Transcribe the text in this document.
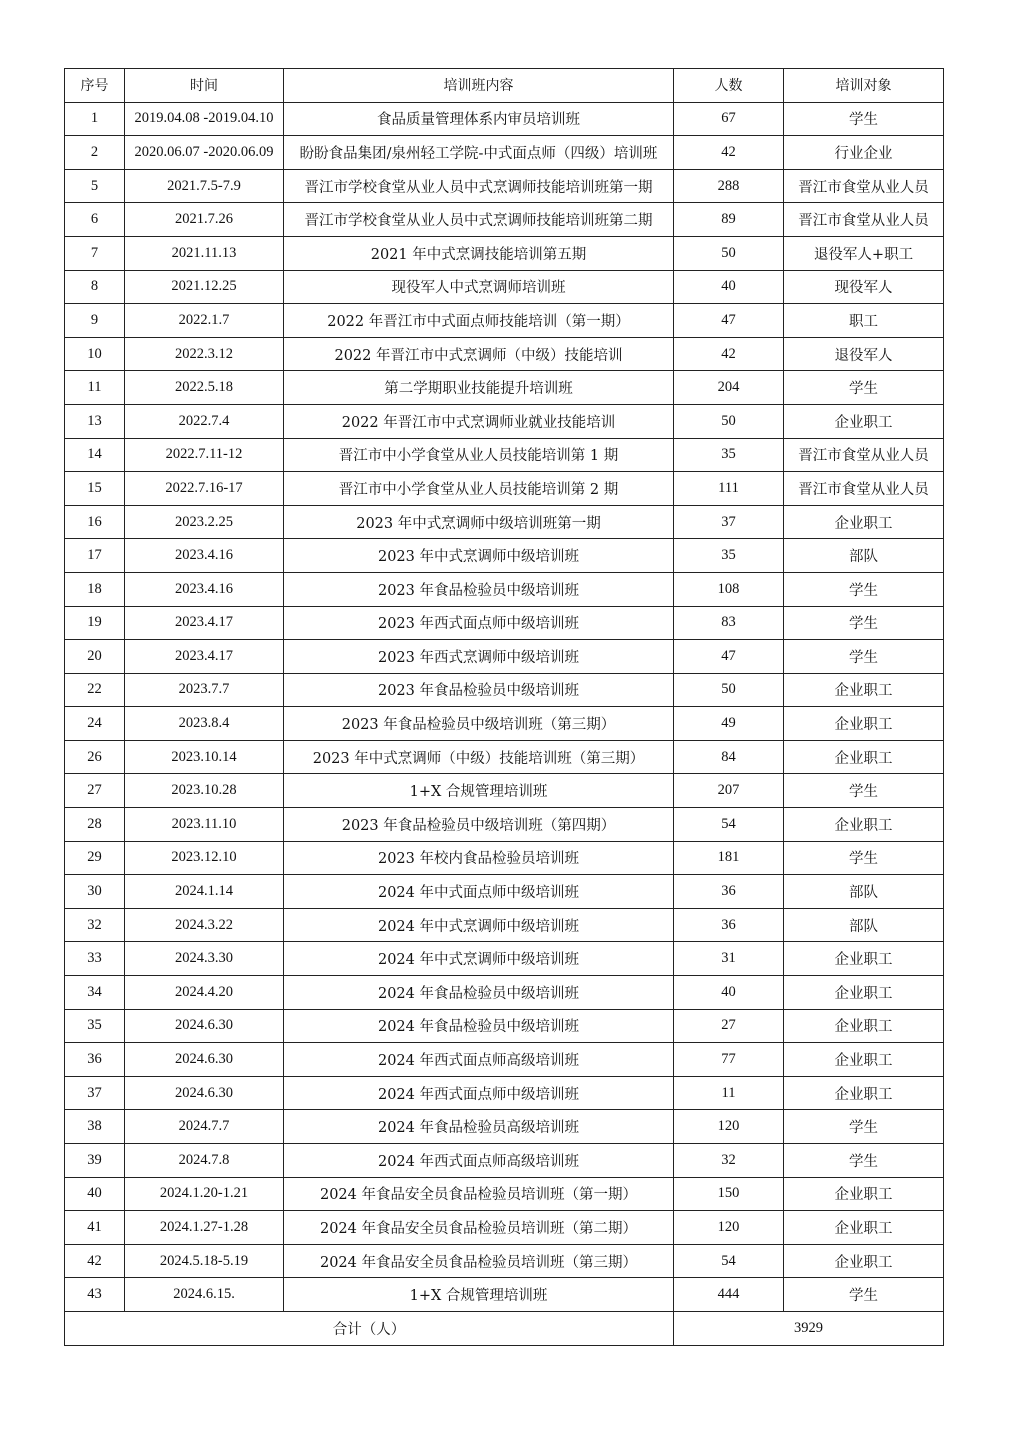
序号	时间	培训班内容	人数	培训对象
1	2019.04.08 -2019.04.10	食品质量管理体系内审员培训班	67	学生
2	2020.06.07 -2020.06.09	盼盼食品集团/泉州轻工学院-中式面点师（四级）培训班	42	行业企业
5	2021.7.5-7.9	晋江市学校食堂从业人员中式烹调师技能培训班第一期	288	晋江市食堂从业人员
6	2021.7.26	晋江市学校食堂从业人员中式烹调师技能培训班第二期	89	晋江市食堂从业人员
7	2021.11.13	2021 年中式烹调技能培训第五期	50	退役军人+职工
8	2021.12.25	现役军人中式烹调师培训班	40	现役军人
9	2022.1.7	2022 年晋江市中式面点师技能培训（第一期）	47	职工
10	2022.3.12	2022 年晋江市中式烹调师（中级）技能培训	42	退役军人
11	2022.5.18	第二学期职业技能提升培训班	204	学生
13	2022.7.4	2022 年晋江市中式烹调师业就业技能培训	50	企业职工
14	2022.7.11-12	晋江市中小学食堂从业人员技能培训第 1 期	35	晋江市食堂从业人员
15	2022.7.16-17	晋江市中小学食堂从业人员技能培训第 2 期	111	晋江市食堂从业人员
16	2023.2.25	2023 年中式烹调师中级培训班第一期	37	企业职工
17	2023.4.16	2023 年中式烹调师中级培训班	35	部队
18	2023.4.16	2023 年食品检验员中级培训班	108	学生
19	2023.4.17	2023 年西式面点师中级培训班	83	学生
20	2023.4.17	2023 年西式烹调师中级培训班	47	学生
22	2023.7.7	2023 年食品检验员中级培训班	50	企业职工
24	2023.8.4	2023 年食品检验员中级培训班（第三期）	49	企业职工
26	2023.10.14	2023 年中式烹调师（中级）技能培训班（第三期）	84	企业职工
27	2023.10.28	1+X 合规管理培训班	207	学生
28	2023.11.10	2023 年食品检验员中级培训班（第四期）	54	企业职工
29	2023.12.10	2023 年校内食品检验员培训班	181	学生
30	2024.1.14	2024 年中式面点师中级培训班	36	部队
32	2024.3.22	2024 年中式烹调师中级培训班	36	部队
33	2024.3.30	2024 年中式烹调师中级培训班	31	企业职工
34	2024.4.20	2024 年食品检验员中级培训班	40	企业职工
35	2024.6.30	2024 年食品检验员中级培训班	27	企业职工
36	2024.6.30	2024 年西式面点师高级培训班	77	企业职工
37	2024.6.30	2024 年西式面点师中级培训班	11	企业职工
38	2024.7.7	2024 年食品检验员高级培训班	120	学生
39	2024.7.8	2024 年西式面点师高级培训班	32	学生
40	2024.1.20-1.21	2024 年食品安全员食品检验员培训班（第一期）	150	企业职工
41	2024.1.27-1.28	2024 年食品安全员食品检验员培训班（第二期）	120	企业职工
42	2024.5.18-5.19	2024 年食品安全员食品检验员培训班（第三期）	54	企业职工
43	2024.6.15.	1+X 合规管理培训班	444	学生
合计（人）			3929	
